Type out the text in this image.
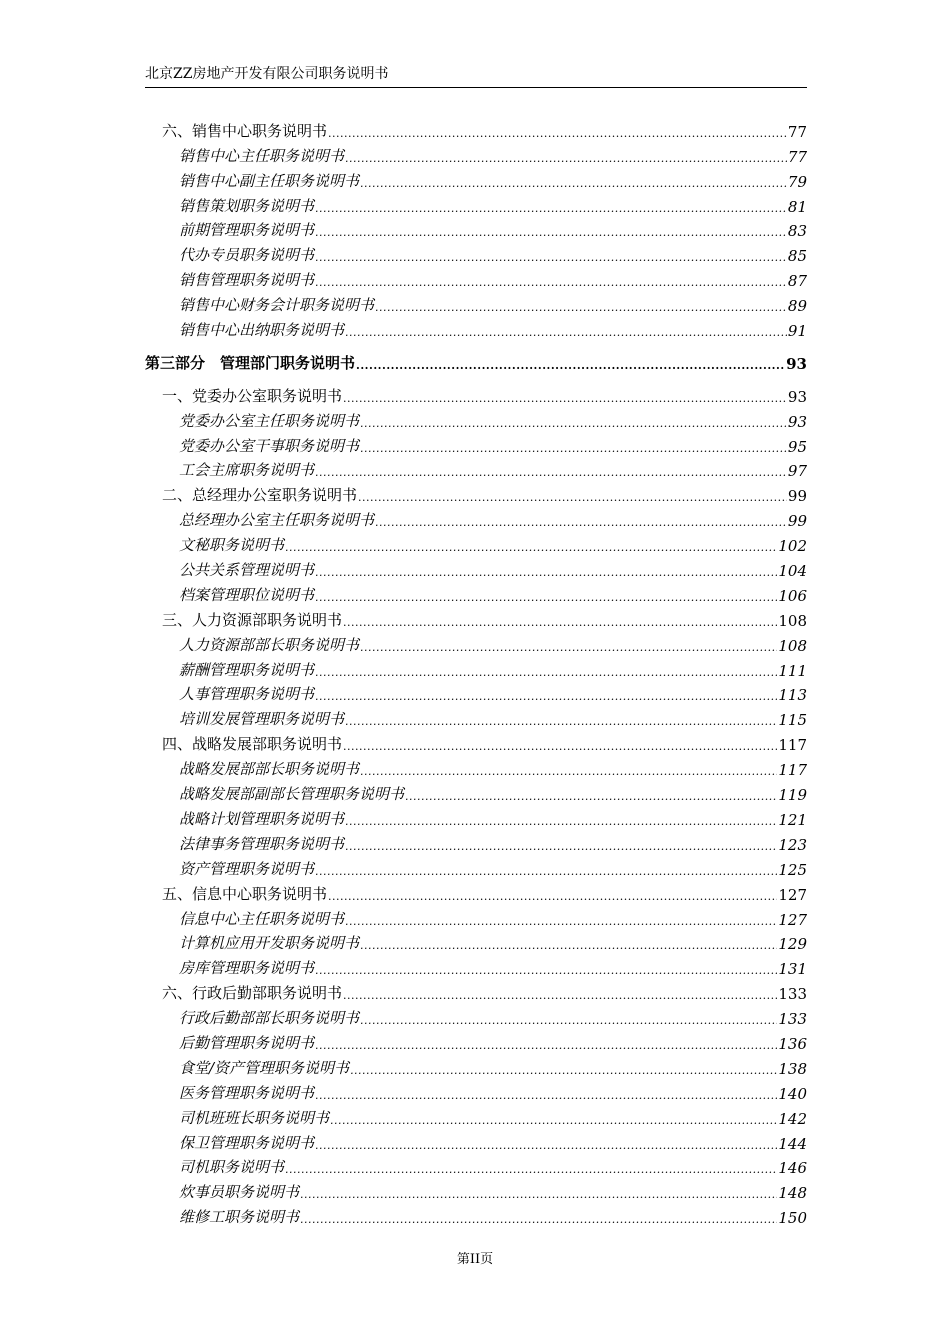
北京ZZ房地产开发有限公司职务说明书
六、销售中心职务说明书 .....	77
销售中心主任职务说明书 .....	77
销售中心副主任职务说明书 .....	79
销售策划职务说明书 .....	81
前期管理职务说明书 .....	83
代办专员职务说明书 .....	85
销售管理职务说明书 .....	87
销售中心财务会计职务说明书 .....	89
销售中心出纳职务说明书 .....	91
第三部分　管理部门职务说明书 .....	93
一、党委办公室职务说明书 .....	93
党委办公室主任职务说明书 .....	93
党委办公室干事职务说明书 .....	95
工会主席职务说明书 .....	97
二、总经理办公室职务说明书 .....	99
总经理办公室主任职务说明书 .....	99
文秘职务说明书 .....	102
公共关系管理说明书 .....	104
档案管理职位说明书 .....	106
三、人力资源部职务说明书 .....	108
人力资源部部长职务说明书 .....	108
薪酬管理职务说明书 .....	111
人事管理职务说明书 .....	113
培训发展管理职务说明书 .....	115
四、战略发展部职务说明书 .....	117
战略发展部部长职务说明书 .....	117
战略发展部副部长管理职务说明书 .....	119
战略计划管理职务说明书 .....	121
法律事务管理职务说明书 .....	123
资产管理职务说明书 .....	125
五、信息中心职务说明书 .....	127
信息中心主任职务说明书 .....	127
计算机应用开发职务说明书 .....	129
房库管理职务说明书 .....	131
六、行政后勤部职务说明书 .....	133
行政后勤部部长职务说明书 .....	133
后勤管理职务说明书 .....	136
食堂/资产管理职务说明书 .....	138
医务管理职务说明书 .....	140
司机班班长职务说明书 .....	142
保卫管理职务说明书 .....	144
司机职务说明书 .....	146
炊事员职务说明书 .....	148
维修工职务说明书 .....	150
第II页
